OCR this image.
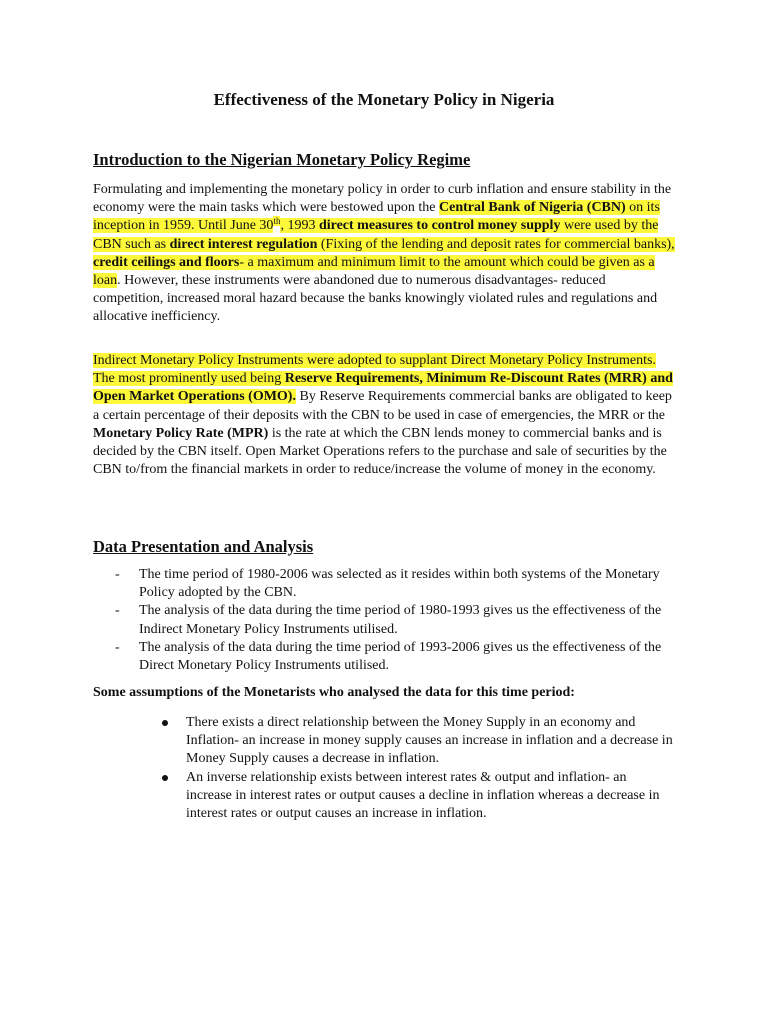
Effectiveness of the Monetary Policy in Nigeria
Introduction to the Nigerian Monetary Policy Regime
Formulating and implementing the monetary policy in order to curb inflation and ensure stability in the economy were the main tasks which were bestowed upon the Central Bank of Nigeria (CBN) on its inception in 1959. Until June 30th, 1993 direct measures to control money supply were used by the CBN such as direct interest regulation (Fixing of the lending and deposit rates for commercial banks), credit ceilings and floors- a maximum and minimum limit to the amount which could be given as a loan. However, these instruments were abandoned due to numerous disadvantages- reduced competition, increased moral hazard because the banks knowingly violated rules and regulations and allocative inefficiency.
Indirect Monetary Policy Instruments were adopted to supplant Direct Monetary Policy Instruments. The most prominently used being Reserve Requirements, Minimum Re-Discount Rates (MRR) and Open Market Operations (OMO). By Reserve Requirements commercial banks are obligated to keep a certain percentage of their deposits with the CBN to be used in case of emergencies, the MRR or the Monetary Policy Rate (MPR) is the rate at which the CBN lends money to commercial banks and is decided by the CBN itself. Open Market Operations refers to the purchase and sale of securities by the CBN to/from the financial markets in order to reduce/increase the volume of money in the economy.
Data Presentation and Analysis
- The time period of 1980-2006 was selected as it resides within both systems of the Monetary Policy adopted by the CBN.
- The analysis of the data during the time period of 1980-1993 gives us the effectiveness of the Indirect Monetary Policy Instruments utilised.
- The analysis of the data during the time period of 1993-2006 gives us the effectiveness of the Direct Monetary Policy Instruments utilised.
Some assumptions of the Monetarists who analysed the data for this time period:
There exists a direct relationship between the Money Supply in an economy and Inflation- an increase in money supply causes an increase in inflation and a decrease in Money Supply causes a decrease in inflation.
An inverse relationship exists between interest rates & output and inflation- an increase in interest rates or output causes a decline in inflation whereas a decrease in interest rates or output causes an increase in inflation.
